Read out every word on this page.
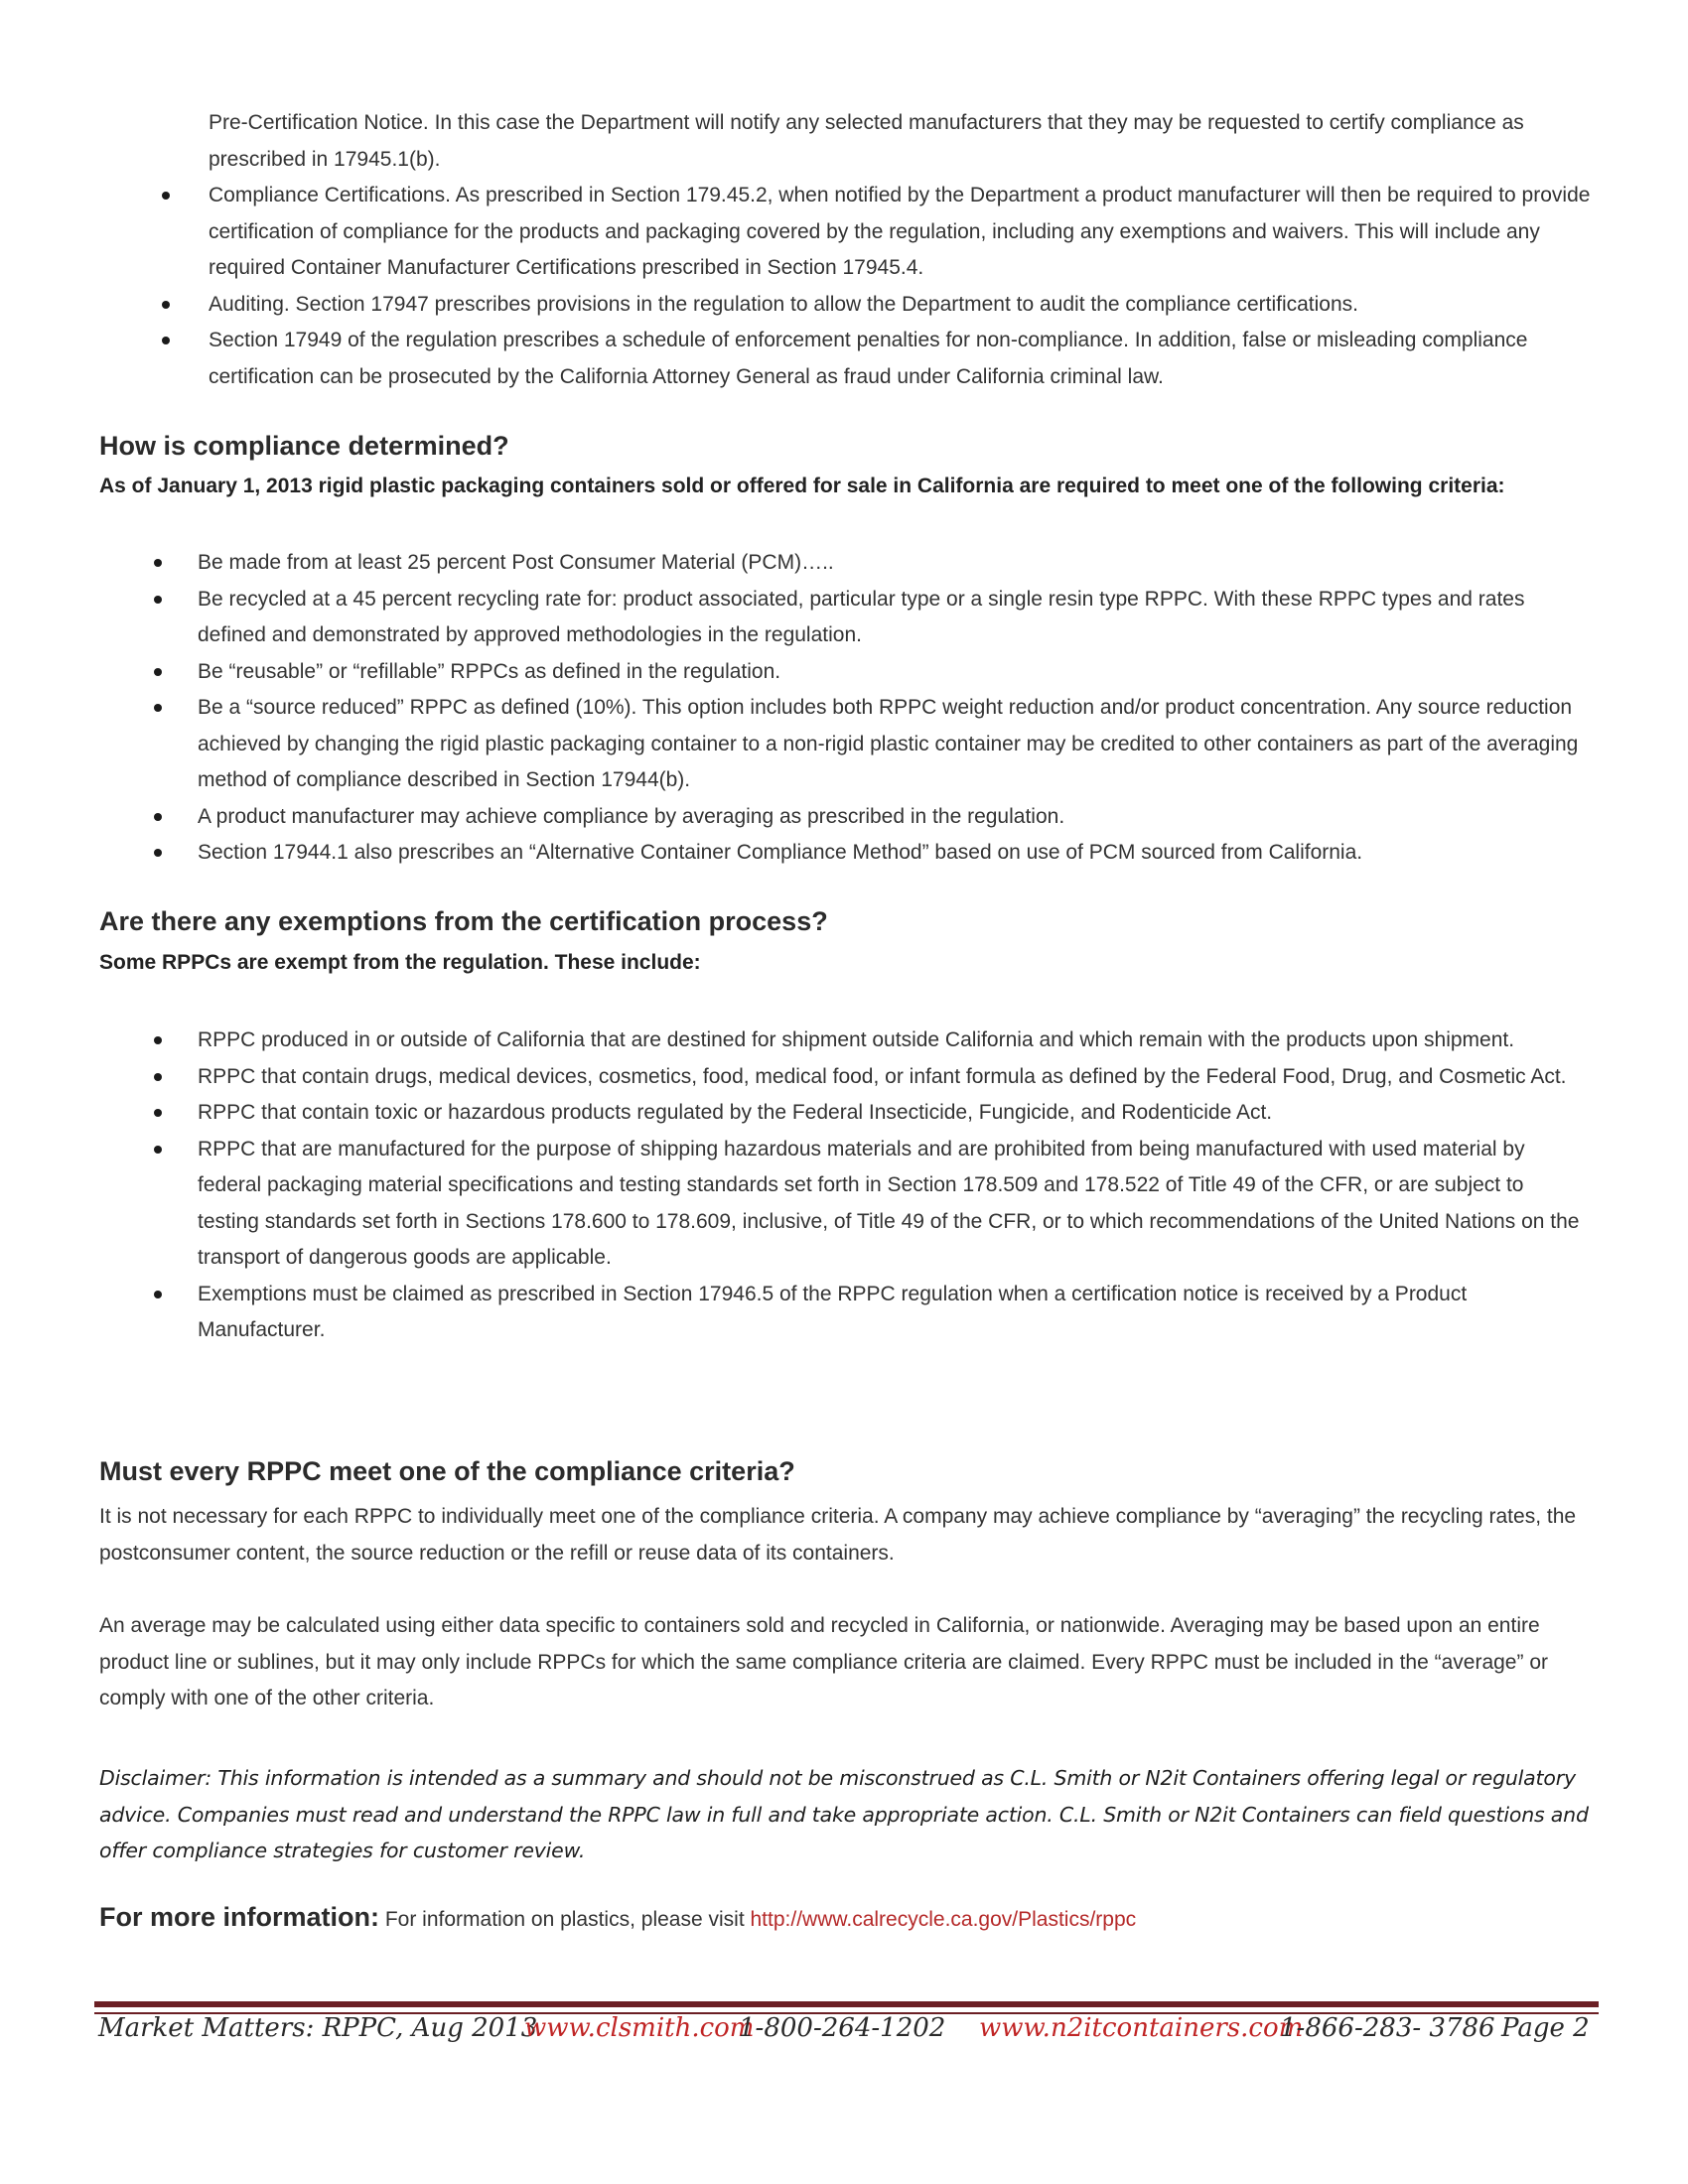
Pre-Certification Notice. In this case the Department will notify any selected manufacturers that they may be requested to certify compliance as prescribed in 17945.1(b).
Compliance Certifications. As prescribed in Section 179.45.2, when notified by the Department a product manufacturer will then be required to provide certification of compliance for the products and packaging covered by the regulation, including any exemptions and waivers. This will include any required Container Manufacturer Certifications prescribed in Section 17945.4.
Auditing. Section 17947 prescribes provisions in the regulation to allow the Department to audit the compliance certifications.
Section 17949 of the regulation prescribes a schedule of enforcement penalties for non-compliance. In addition, false or misleading compliance certification can be prosecuted by the California Attorney General as fraud under California criminal law.
How is compliance determined?
As of January 1, 2013 rigid plastic packaging containers sold or offered for sale in California are required to meet one of the following criteria:
Be made from at least 25 percent Post Consumer Material (PCM)…..
Be recycled at a 45 percent recycling rate for: product associated, particular type or a single resin type RPPC. With these RPPC types and rates defined and demonstrated by approved methodologies in the regulation.
Be “reusable” or “refillable” RPPCs as defined in the regulation.
Be a “source reduced” RPPC as defined (10%). This option includes both RPPC weight reduction and/or product concentration. Any source reduction achieved by changing the rigid plastic packaging container to a non-rigid plastic container may be credited to other containers as part of the averaging method of compliance described in Section 17944(b).
A product manufacturer may achieve compliance by averaging as prescribed in the regulation.
Section 17944.1 also prescribes an “Alternative Container Compliance Method” based on use of PCM sourced from California.
Are there any exemptions from the certification process?
Some RPPCs are exempt from the regulation. These include:
RPPC produced in or outside of California that are destined for shipment outside California and which remain with the products upon shipment.
RPPC that contain drugs, medical devices, cosmetics, food, medical food, or infant formula as defined by the Federal Food, Drug, and Cosmetic Act.
RPPC that contain toxic or hazardous products regulated by the Federal Insecticide, Fungicide, and Rodenticide Act.
RPPC that are manufactured for the purpose of shipping hazardous materials and are prohibited from being manufactured with used material by federal packaging material specifications and testing standards set forth in Section 178.509 and 178.522 of Title 49 of the CFR, or are subject to testing standards set forth in Sections 178.600 to 178.609, inclusive, of Title 49 of the CFR, or to which recommendations of the United Nations on the transport of dangerous goods are applicable.
Exemptions must be claimed as prescribed in Section 17946.5 of the RPPC regulation when a certification notice is received by a Product Manufacturer.
Must every RPPC meet one of the compliance criteria?
It is not necessary for each RPPC to individually meet one of the compliance criteria. A company may achieve compliance by “averaging” the recycling rates, the postconsumer content, the source reduction or the refill or reuse data of its containers.
An average may be calculated using either data specific to containers sold and recycled in California, or nationwide. Averaging may be based upon an entire product line or sublines, but it may only include RPPCs for which the same compliance criteria are claimed. Every RPPC must be included in the “average” or comply with one of the other criteria.
Disclaimer: This information is intended as a summary and should not be misconstrued as C.L. Smith or N2it Containers offering legal or regulatory advice. Companies must read and understand the RPPC law in full and take appropriate action. C.L. Smith or N2it Containers can field questions and offer compliance strategies for customer review.
For more information: For information on plastics, please visit http://www.calrecycle.ca.gov/Plastics/rppc
Market Matters: RPPC, Aug 2013
www.clsmith.com
1-800-264-1202 www.n2itcontainers.com
1-866-283- 3786 Page 2
